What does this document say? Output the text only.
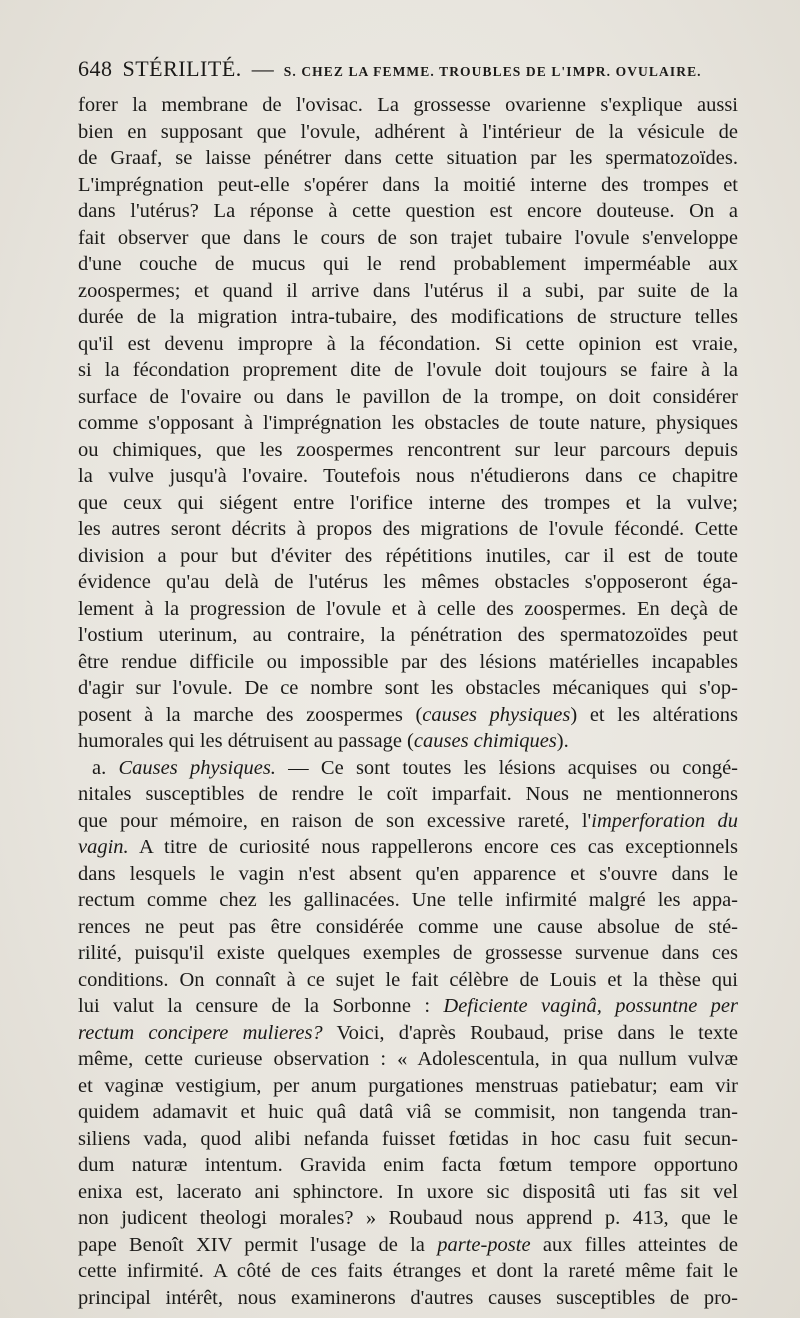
648 STÉRILITÉ. — S. CHEZ LA FEMME. TROUBLES DE L'IMPR. OVULAIRE.
forer la membrane de l'ovisac. La grossesse ovarienne s'explique aussi
bien en supposant que l'ovule, adhérent à l'intérieur de la vésicule de
de Graaf, se laisse pénétrer dans cette situation par les spermatozoïdes.
L'imprégnation peut-elle s'opérer dans la moitié interne des trompes et
dans l'utérus? La réponse à cette question est encore douteuse. On a
fait observer que dans le cours de son trajet tubaire l'ovule s'enveloppe
d'une couche de mucus qui le rend probablement imperméable aux
zoospermes; et quand il arrive dans l'utérus il a subi, par suite de la
durée de la migration intra-tubaire, des modifications de structure telles
qu'il est devenu impropre à la fécondation. Si cette opinion est vraie,
si la fécondation proprement dite de l'ovule doit toujours se faire à la
surface de l'ovaire ou dans le pavillon de la trompe, on doit considérer
comme s'opposant à l'imprégnation les obstacles de toute nature, physiques
ou chimiques, que les zoospermes rencontrent sur leur parcours depuis
la vulve jusqu'à l'ovaire. Toutefois nous n'étudierons dans ce chapitre
que ceux qui siégent entre l'orifice interne des trompes et la vulve;
les autres seront décrits à propos des migrations de l'ovule fécondé. Cette
division a pour but d'éviter des répétitions inutiles, car il est de toute
évidence qu'au delà de l'utérus les mêmes obstacles s'opposeront éga-
lement à la progression de l'ovule et à celle des zoospermes. En deçà de
l'ostium uterinum, au contraire, la pénétration des spermatozoïdes peut
être rendue difficile ou impossible par des lésions matérielles incapables
d'agir sur l'ovule. De ce nombre sont les obstacles mécaniques qui s'op-
posent à la marche des zoospermes (causes physiques) et les altérations
humorales qui les détruisent au passage (causes chimiques).
a. Causes physiques. — Ce sont toutes les lésions acquises ou congé-
nitales susceptibles de rendre le coït imparfait. Nous ne mentionnerons
que pour mémoire, en raison de son excessive rareté, l'imperforation du
vagin. A titre de curiosité nous rappellerons encore ces cas exceptionnels
dans lesquels le vagin n'est absent qu'en apparence et s'ouvre dans le
rectum comme chez les gallinacées. Une telle infirmité malgré les appa-
rences ne peut pas être considérée comme une cause absolue de sté-
rilité, puisqu'il existe quelques exemples de grossesse survenue dans ces
conditions. On connaît à ce sujet le fait célèbre de Louis et la thèse qui
lui valut la censure de la Sorbonne : Deficiente vaginâ, possuntne per
rectum concipere mulieres? Voici, d'après Roubaud, prise dans le texte
même, cette curieuse observation : « Adolescentula, in qua nullum vulvæ
et vaginæ vestigium, per anum purgationes menstruas patiebatur; eam vir
quidem adamavit et huic quâ datâ viâ se commisit, non tangenda tran-
siliens vada, quod alibi nefanda fuisset fœtidas in hoc casu fuit secun-
dum naturæ intentum. Gravida enim facta fœtum tempore opportuno
enixa est, lacerato ani sphinctore. In uxore sic dispositâ uti fas sit vel
non judicent theologi morales? » Roubaud nous apprend p. 413, que le
pape Benoît XIV permit l'usage de la parte-poste aux filles atteintes de
cette infirmité. A côté de ces faits étranges et dont la rareté même fait le
principal intérêt, nous examinerons d'autres causes susceptibles de pro-
